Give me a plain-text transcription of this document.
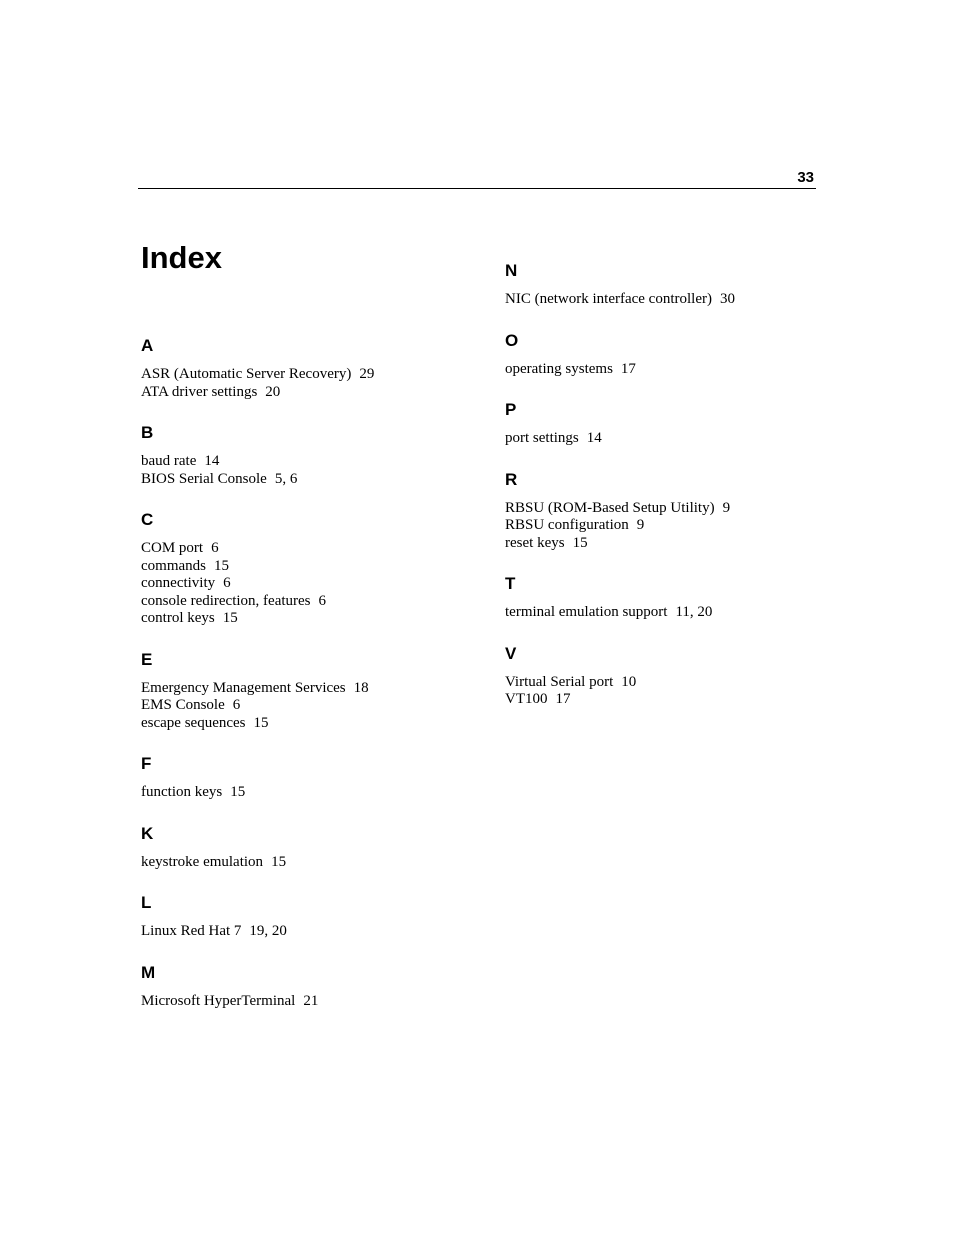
33
Index
A
ASR (Automatic Server Recovery) 29
ATA driver settings 20
B
baud rate 14
BIOS Serial Console 5, 6
C
COM port 6
commands 15
connectivity 6
console redirection, features 6
control keys 15
E
Emergency Management Services 18
EMS Console 6
escape sequences 15
F
function keys 15
K
keystroke emulation 15
L
Linux Red Hat 7 19, 20
M
Microsoft HyperTerminal 21
N
NIC (network interface controller) 30
O
operating systems 17
P
port settings 14
R
RBSU (ROM-Based Setup Utility) 9
RBSU configuration 9
reset keys 15
T
terminal emulation support 11, 20
V
Virtual Serial port 10
VT100 17
